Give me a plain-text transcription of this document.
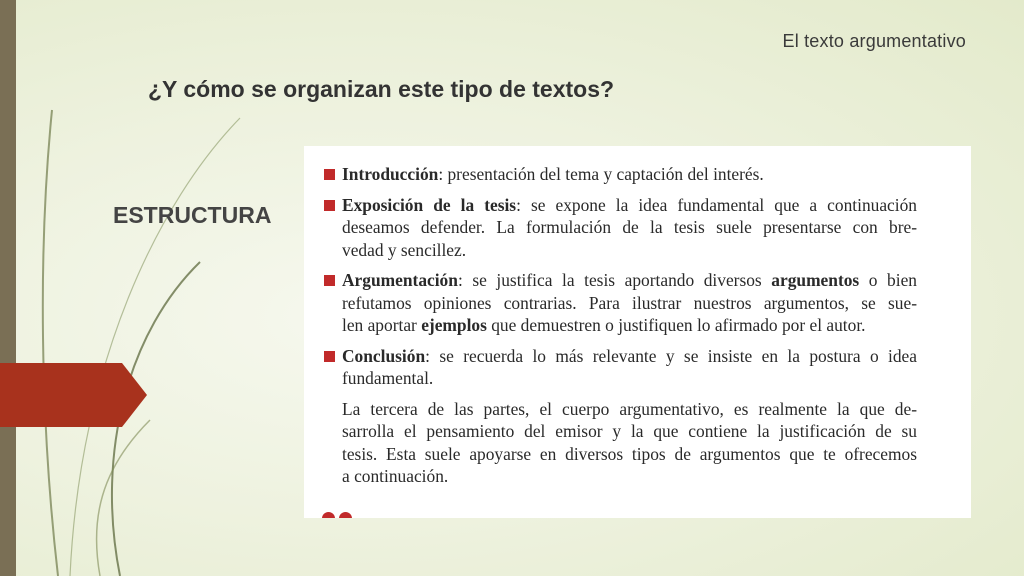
El texto argumentativo
¿Y cómo se organizan este tipo de textos?
ESTRUCTURA
Introducción: presentación del tema y captación del interés.
Exposición de la tesis: se expone la idea fundamental que a continuación
deseamos defender. La formulación de la tesis suele presentarse con bre-
vedad y sencillez.
Argumentación: se justifica la tesis aportando diversos argumentos o bien
refutamos opiniones contrarias. Para ilustrar nuestros argumentos, se sue-
len aportar ejemplos que demuestren o justifiquen lo afirmado por el autor.
Conclusión: se recuerda lo más relevante y se insiste en la postura o idea
fundamental.
La tercera de las partes, el cuerpo argumentativo, es realmente la que de-
sarrolla el pensamiento del emisor y la que contiene la justificación de su
tesis. Esta suele apoyarse en diversos tipos de argumentos que te ofrecemos
a continuación.
